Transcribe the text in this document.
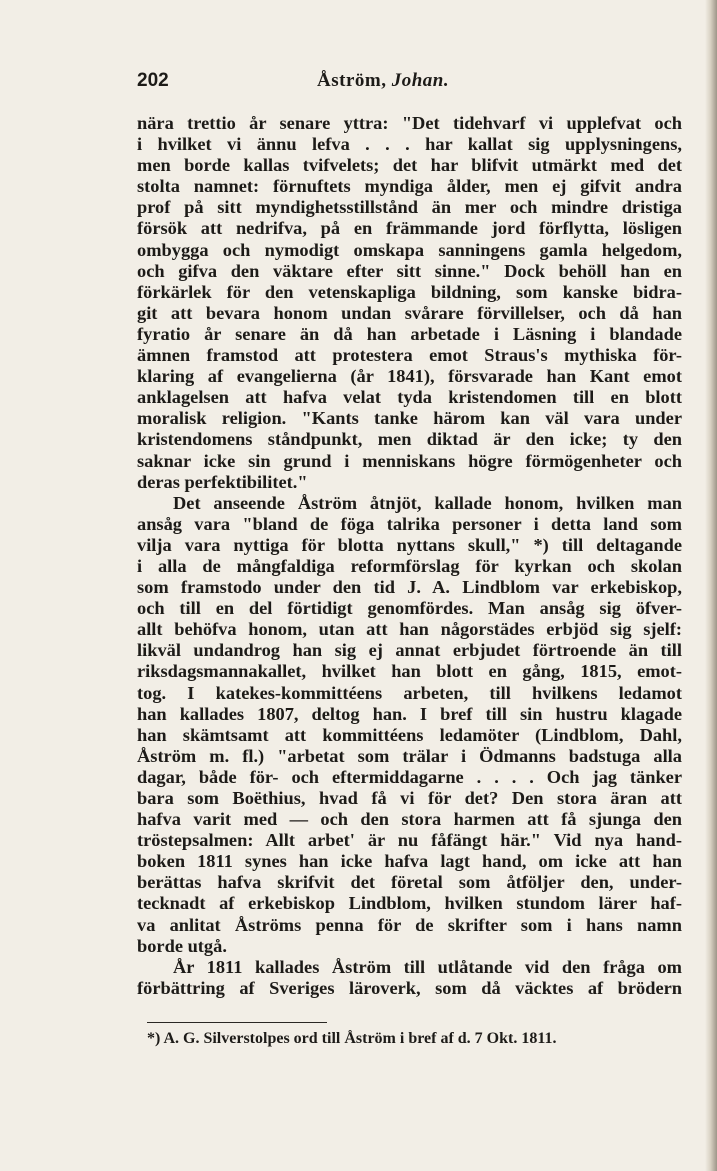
202	Åström, Johan.
nära trettio år senare yttra: "Det tidehvarf vi upplefvat och
i hvilket vi ännu lefva . . . har kallat sig upplysningens,
men borde kallas tvifvelets; det har blifvit utmärkt med det
stolta namnet: förnuftets myndiga ålder, men ej gifvit andra
prof på sitt myndighetsstillstånd än mer och mindre dristiga
försök att nedrifva, på en främmande jord förflytta, lösligen
ombygga och nymodigt omskapa sanningens gamla helgedom,
och gifva den väktare efter sitt sinne." Dock behöll han en
förkärlek för den vetenskapliga bildning, som kanske bidra-
git att bevara honom undan svårare förvillelser, och då han
fyratio år senare än då han arbetade i Läsning i blandade
ämnen framstod att protestera emot Straus's mythiska för-
klaring af evangelierna (år 1841), försvarade han Kant emot
anklagelsen att hafva velat tyda kristendomen till en blott
moralisk religion. "Kants tanke härom kan väl vara under
kristendomens ståndpunkt, men diktad är den icke; ty den
saknar icke sin grund i menniskans högre förmögenheter och
deras perfektibilitet."
Det anseende Åström åtnjöt, kallade honom, hvilken man
ansåg vara "bland de föga talrika personer i detta land som
vilja vara nyttiga för blotta nyttans skull," *) till deltagande
i alla de mångfaldiga reformförslag för kyrkan och skolan
som framstodo under den tid J. A. Lindblom var erkebiskop,
och till en del förtidigt genomfördes. Man ansåg sig öfver-
allt behöfva honom, utan att han någorstädes erbjöd sig sjelf:
likväl undandrog han sig ej annat erbjudet förtroende än till
riksdagsmannakallet, hvilket han blott en gång, 1815, emot-
tog. I katekes-kommittéens arbeten, till hvilkens ledamot
han kallades 1807, deltog han. I bref till sin hustru klagade
han skämtsamt att kommittéens ledamöter (Lindblom, Dahl,
Åström m. fl.) "arbetat som trälar i Ödmanns badstuga alla
dagar, både för- och eftermiddagarne . . . . Och jag tänker
bara som Boëthius, hvad få vi för det? Den stora äran att
hafva varit med — och den stora harmen att få sjunga den
tröstepsalmen: Allt arbet' är nu fåfängt här." Vid nya hand-
boken 1811 synes han icke hafva lagt hand, om icke att han
berättas hafva skrifvit det företal som åtföljer den, under-
tecknadt af erkebiskop Lindblom, hvilken stundom lärer haf-
va anlitat Åströms penna för de skrifter som i hans namn
borde utgå.
År 1811 kallades Åström till utlåtande vid den fråga om
förbättring af Sveriges läroverk, som då väcktes af brödern
*) A. G. Silverstolpes ord till Åström i bref af d. 7 Okt. 1811.
